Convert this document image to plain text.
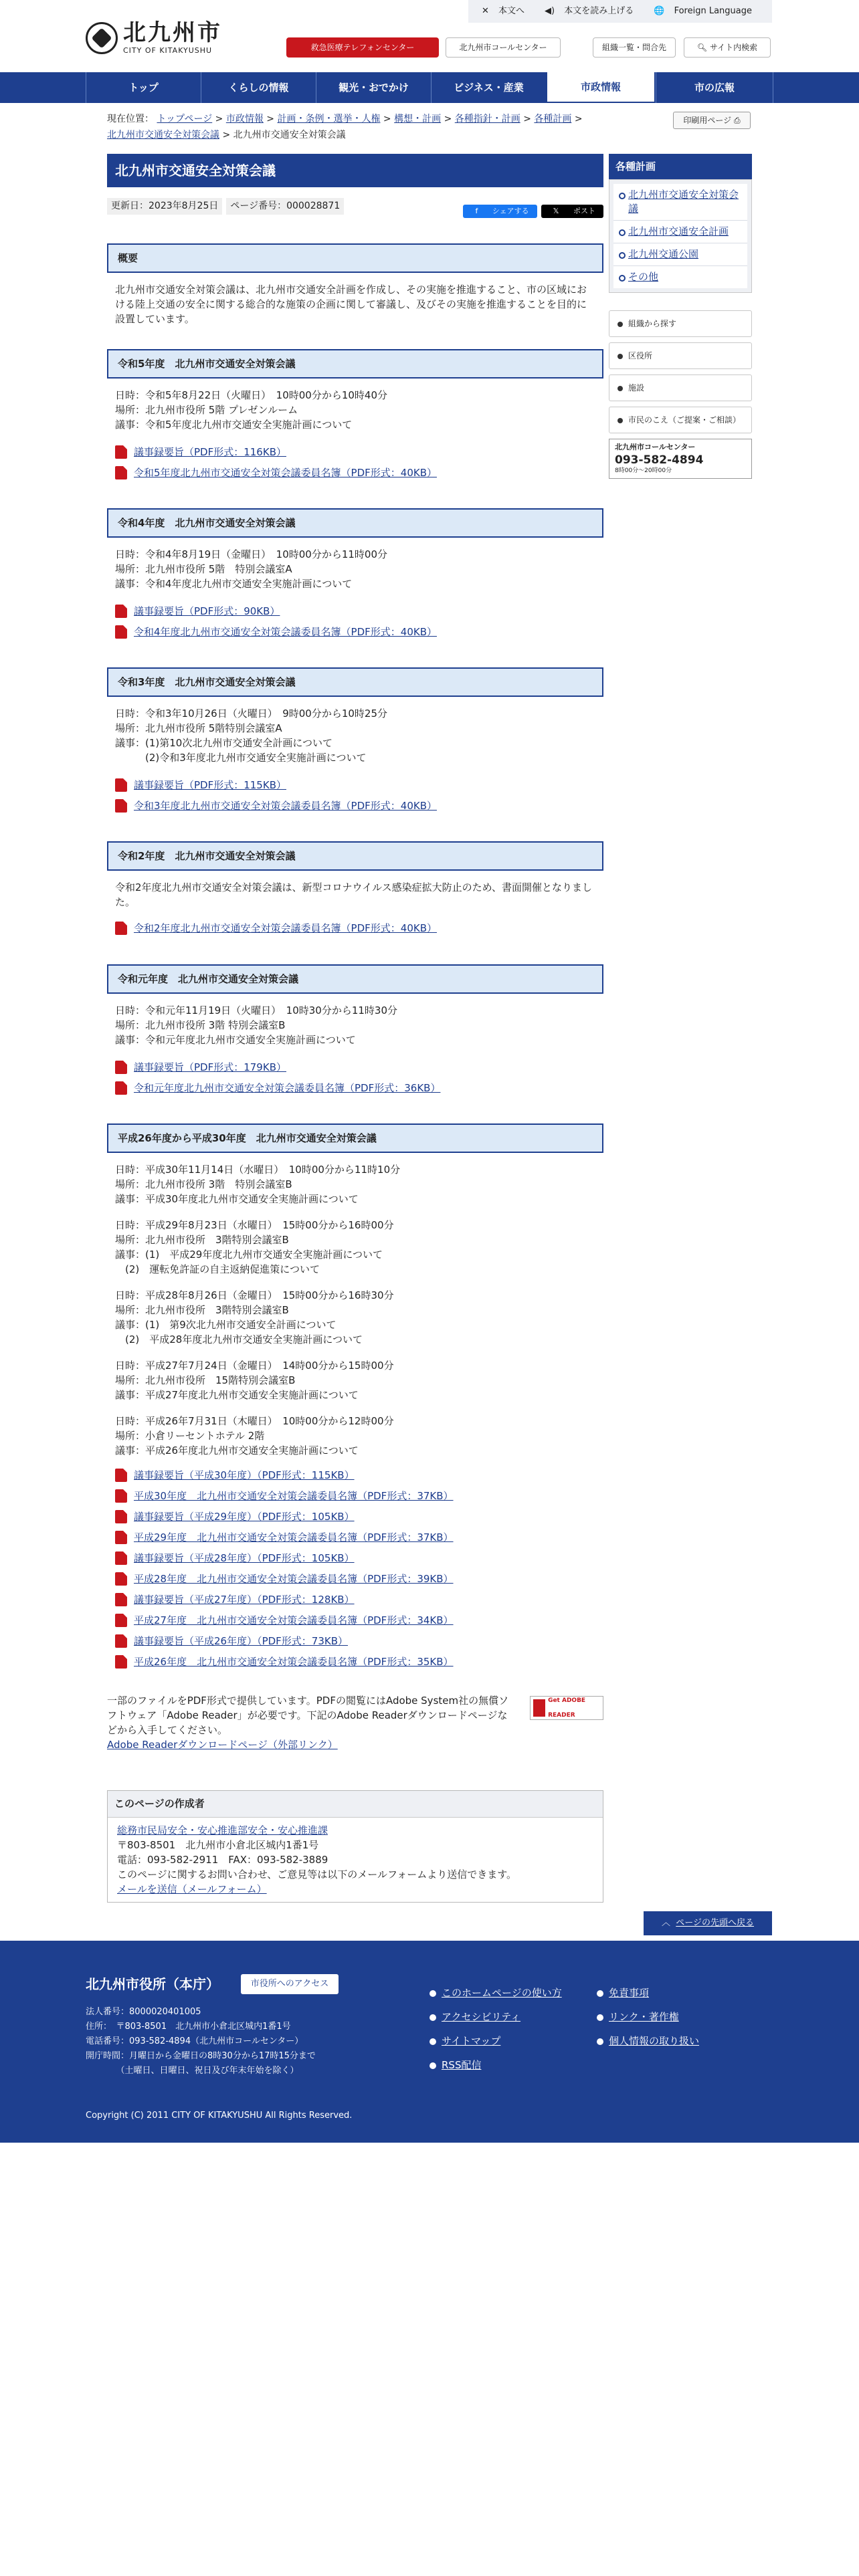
北九州市
CITY OF KITAKYUSHU
✕ 本文へ	◀) 本文を読み上げる	🌐 Foreign Language
救急医療テレフォンセンター	北九州市コールセンター	組織一覧・問合先	🔍︎
サイト内検索
トップ	くらしの情報	観光・おでかけ	ビジネス・産業	市政情報	市の広報
現在位置： トップページ > 市政情報 > 計画・条例・選挙・人権 > 構想・計画 > 各種指針・計画 > 各種計画 >
北九州市交通安全対策会議 > 北九州市交通安全対策会議
印刷用ページ
⎙
北九州市交通安全対策会議
更新日：2023年8月25日	ページ番号：000028871	f
	シェアする	𝕏
	ポスト
概要

北九州市交通安全対策会議は、北九州市交通安全計画を作成し、その実施を推進すること、市の区域における陸上交通の安全に関する総合的な施策の企画に関して審議し、及びその実施を推進することを目的に設置しています。

令和5年度　北九州市交通安全対策会議
日時：令和5年8月22日（火曜日）　10時00分から10時40分
場所：北九州市役所 5階 プレゼンルーム
議事：令和5年度北九州市交通安全実施計画について
議事録要旨（PDF形式：116KB）
令和5年度北九州市交通安全対策会議委員名簿（PDF形式：40KB）
令和4年度　北九州市交通安全対策会議
日時：令和4年8月19日（金曜日）　10時00分から11時00分
場所：北九州市役所 5階　特別会議室A
議事：令和4年度北九州市交通安全実施計画について
議事録要旨（PDF形式：90KB）
令和4年度北九州市交通安全対策会議委員名簿（PDF形式：40KB）
令和3年度　北九州市交通安全対策会議
日時：令和3年10月26日（火曜日）　9時00分から10時25分
場所：北九州市役所 5階特別会議室A
議事：(1)第10次北九州市交通安全計画について
　　　(2)令和3年度北九州市交通安全実施計画について
議事録要旨（PDF形式：115KB）
令和3年度北九州市交通安全対策会議委員名簿（PDF形式：40KB）
令和2年度　北九州市交通安全対策会議

令和2年度北九州市交通安全対策会議は、新型コロナウイルス感染症拡大防止のため、書面開催となりました。

令和2年度北九州市交通安全対策会議委員名簿（PDF形式：40KB）
令和元年度　北九州市交通安全対策会議
日時：令和元年11月19日（火曜日）　10時30分から11時30分
場所：北九州市役所 3階 特別会議室B
議事：令和元年度北九州市交通安全実施計画について
議事録要旨（PDF形式：179KB）
令和元年度北九州市交通安全対策会議委員名簿（PDF形式：36KB）
平成26年度から平成30年度　北九州市交通安全対策会議
日時：平成30年11月14日（水曜日）　10時00分から11時10分
場所：北九州市役所 3階　特別会議室B
議事：平成30年度北九州市交通安全実施計画について
日時：平成29年8月23日（水曜日）　15時00分から16時00分
場所：北九州市役所　3階特別会議室B
議事：(1)　平成29年度北九州市交通安全実施計画について
　(2)　運転免許証の自主返納促進策について
日時：平成28年8月26日（金曜日）　15時00分から16時30分
場所：北九州市役所　3階特別会議室B
議事：(1)　第9次北九州市交通安全計画について
　(2)　平成28年度北九州市交通安全実施計画について
日時：平成27年7月24日（金曜日）　14時00分から15時00分
場所：北九州市役所　15階特別会議室B
議事：平成27年度北九州市交通安全実施計画について
日時：平成26年7月31日（木曜日）　10時00分から12時00分
場所：小倉リーセントホテル 2階
議事：平成26年度北九州市交通安全実施計画について
議事録要旨（平成30年度）（PDF形式：115KB）
平成30年度　北九州市交通安全対策会議委員名簿（PDF形式：37KB）
議事録要旨（平成29年度）（PDF形式：105KB）
平成29年度　北九州市交通安全対策会議委員名簿（PDF形式：37KB）
議事録要旨（平成28年度）（PDF形式：105KB）
平成28年度　北九州市交通安全対策会議委員名簿（PDF形式：39KB）
議事録要旨（平成27年度）（PDF形式：128KB）
平成27年度　北九州市交通安全対策会議委員名簿（PDF形式：34KB）
議事録要旨（平成26年度）（PDF形式：73KB）
平成26年度　北九州市交通安全対策会議委員名簿（PDF形式：35KB）

一部のファイルをPDF形式で提供しています。PDFの閲覧にはAdobe System社の無償ソフトウェア「Adobe Reader」が必要です。下記のAdobe Readerダウンロードページなどから入手してください。

Adobe Readerダウンロードページ（外部リンク）
Get ADOBE READER
このページの作成者
総務市民局安全・安心推進部安全・安心推進課
〒803-8501　北九州市小倉北区城内1番1号
電話：093-582-2911　FAX：093-582-3889
このページに関するお問い合わせ、ご意見等は以下のメールフォームより送信できます。
メールを送信（メールフォーム）
各種計画
北九州市交通安全対策会議
北九州市交通安全計画
北九州交通公園
その他
組織から探す
区役所
施設
市民のこえ（ご提案・ご相談）
北九州市コールセンター
093-582-4894
8時00分〜20時00分
︿
ページの先頭へ戻る
北九州市役所（本庁）	市役所へのアクセス
法人番号：8000020401005
住所：　〒803-8501　北九州市小倉北区城内1番1号
電話番号：093-582-4894（北九州市コールセンター）
開庁時間：月曜日から金曜日の8時30分から17時15分まで
　　　　（土曜日、日曜日、祝日及び年末年始を除く）
このホームページの使い方
アクセシビリティ
サイトマップ
RSS配信
免責事項
リンク・著作権
個人情報の取り扱い
Copyright (C) 2011 CITY OF KITAKYUSHU All Rights Reserved.
